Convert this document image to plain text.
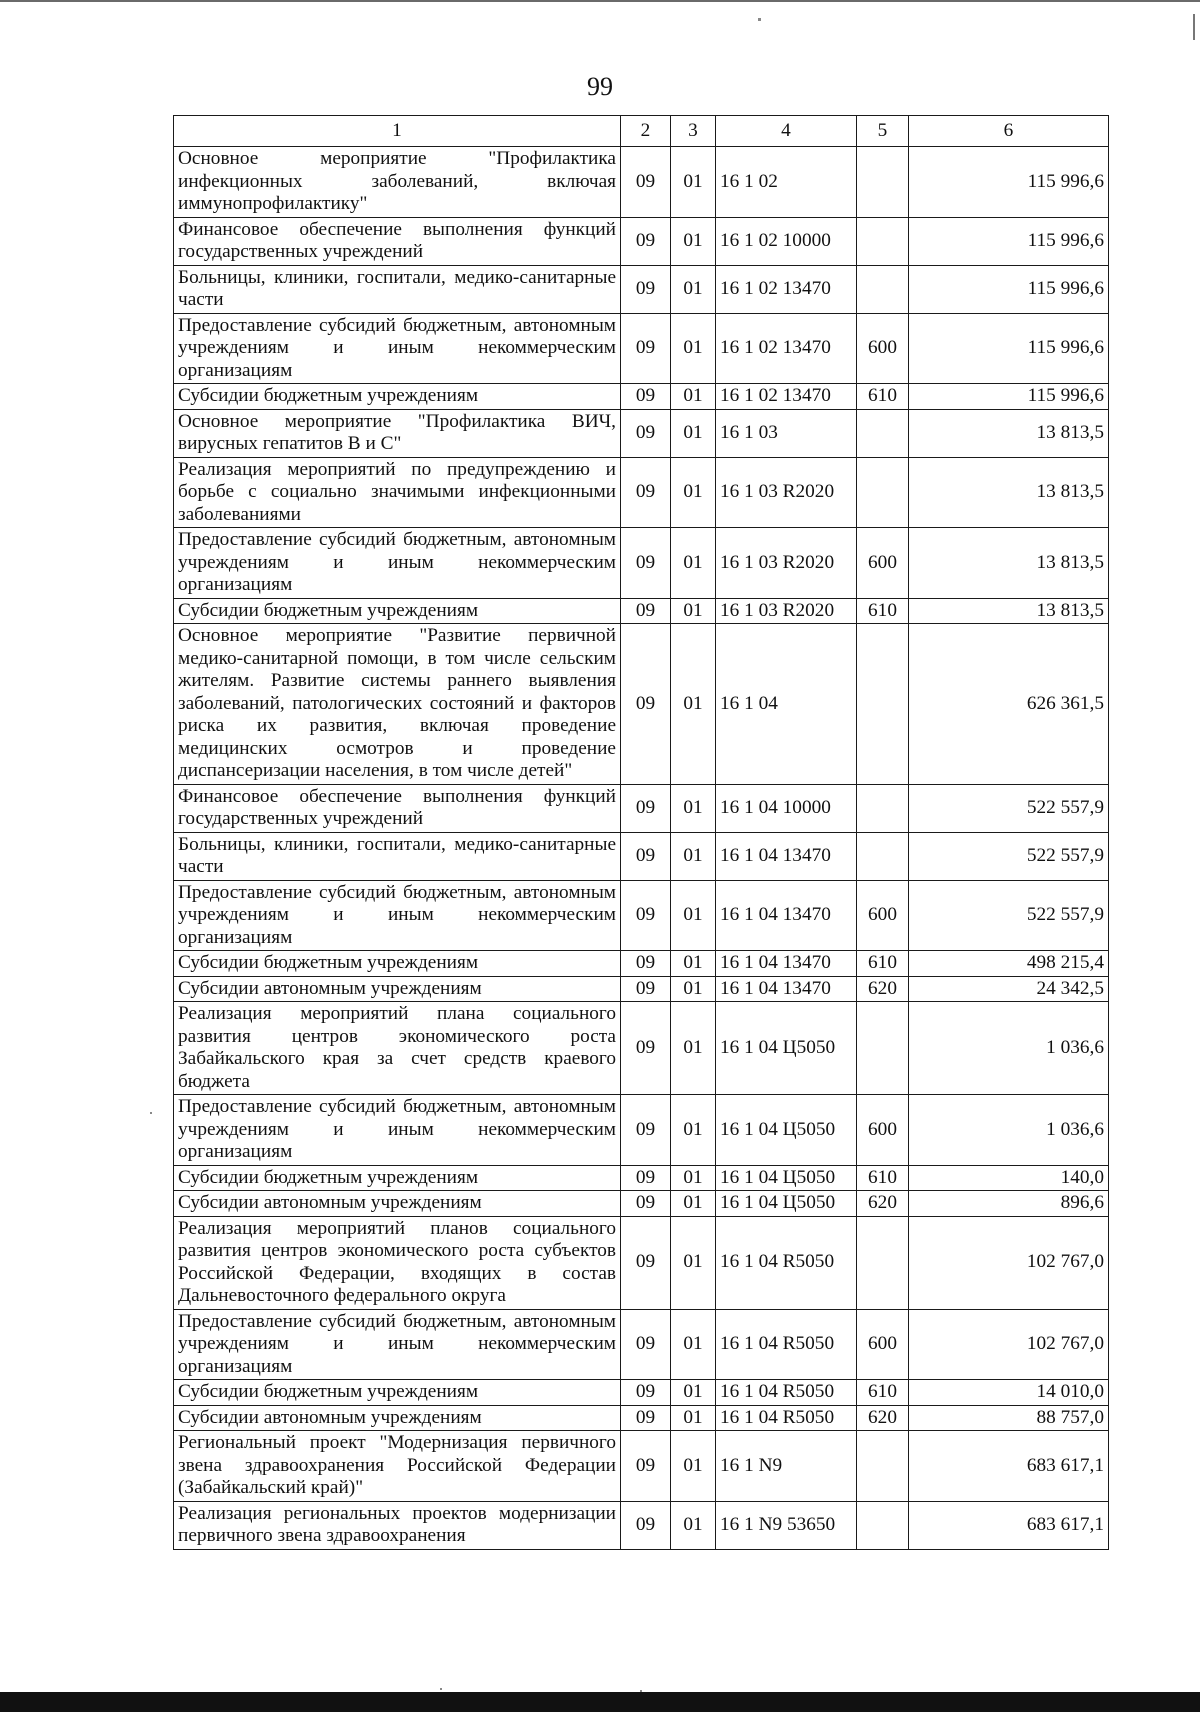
99
1	2	3	4	5	6
Основное мероприятие "Профилактика инфекционных заболеваний, включая иммунопрофилактику"	09	01	16 1 02		115 996,6
Финансовое обеспечение выполнения функций государственных учреждений	09	01	16 1 02 10000		115 996,6
Больницы, клиники, госпитали, медико-санитарные части	09	01	16 1 02 13470		115 996,6
Предоставление субсидий бюджетным, автономным учреждениям и иным некоммерческим организациям	09	01	16 1 02 13470	600	115 996,6
Субсидии бюджетным учреждениям	09	01	16 1 02 13470	610	115 996,6
Основное мероприятие "Профилактика ВИЧ, вирусных гепатитов В и С"	09	01	16 1 03		13 813,5
Реализация мероприятий по предупреждению и борьбе с социально значимыми инфекционными заболеваниями	09	01	16 1 03 R2020		13 813,5
Предоставление субсидий бюджетным, автономным учреждениям и иным некоммерческим организациям	09	01	16 1 03 R2020	600	13 813,5
Субсидии бюджетным учреждениям	09	01	16 1 03 R2020	610	13 813,5
Основное мероприятие "Развитие первичной медико-санитарной помощи, в том числе сельским жителям. Развитие системы раннего выявления заболеваний, патологических состояний и факторов риска их развития, включая проведение медицинских осмотров и проведение диспансеризации населения, в том числе детей"	09	01	16 1 04		626 361,5
Финансовое обеспечение выполнения функций государственных учреждений	09	01	16 1 04 10000		522 557,9
Больницы, клиники, госпитали, медико-санитарные части	09	01	16 1 04 13470		522 557,9
Предоставление субсидий бюджетным, автономным учреждениям и иным некоммерческим организациям	09	01	16 1 04 13470	600	522 557,9
Субсидии бюджетным учреждениям	09	01	16 1 04 13470	610	498 215,4
Субсидии автономным учреждениям	09	01	16 1 04 13470	620	24 342,5
Реализация мероприятий плана социального развития центров экономического роста Забайкальского края за счет средств краевого бюджета	09	01	16 1 04 Ц5050		1 036,6
Предоставление субсидий бюджетным, автономным учреждениям и иным некоммерческим организациям	09	01	16 1 04 Ц5050	600	1 036,6
Субсидии бюджетным учреждениям	09	01	16 1 04 Ц5050	610	140,0
Субсидии автономным учреждениям	09	01	16 1 04 Ц5050	620	896,6
Реализация мероприятий планов социального развития центров экономического роста субъектов Российской Федерации, входящих в состав Дальневосточного федерального округа	09	01	16 1 04 R5050		102 767,0
Предоставление субсидий бюджетным, автономным учреждениям и иным некоммерческим организациям	09	01	16 1 04 R5050	600	102 767,0
Субсидии бюджетным учреждениям	09	01	16 1 04 R5050	610	14 010,0
Субсидии автономным учреждениям	09	01	16 1 04 R5050	620	88 757,0
Региональный проект "Модернизация первичного звена здравоохранения Российской Федерации (Забайкальский край)"	09	01	16 1 N9		683 617,1
Реализация региональных проектов модернизации первичного звена здравоохранения	09	01	16 1 N9 53650		683 617,1
